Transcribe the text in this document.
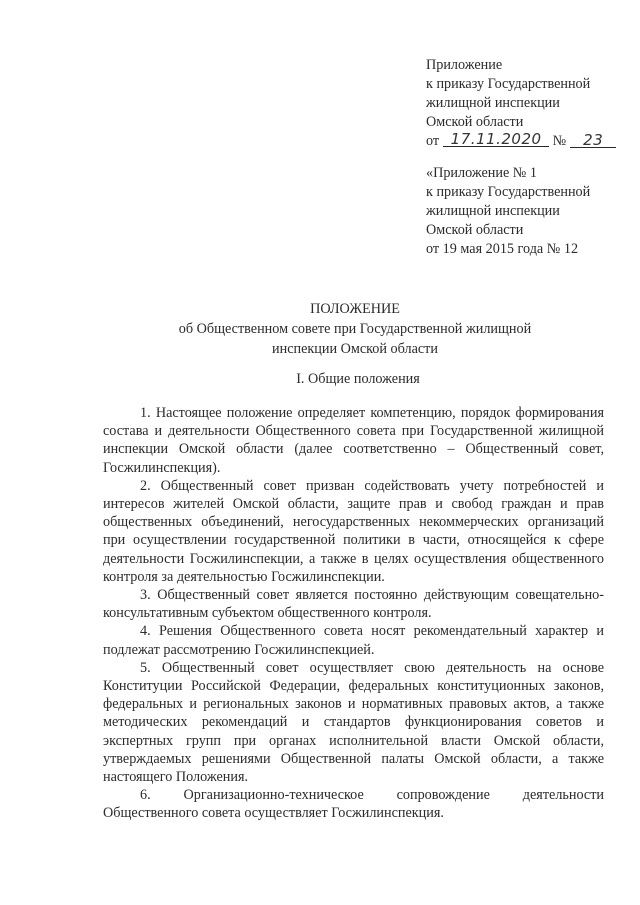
Приложение
к приказу Государственной
жилищной инспекции
Омской области
от 17.11.2020 № 23
«Приложение № 1
к приказу Государственной
жилищной инспекции
Омской области
от 19 мая 2015 года № 12
ПОЛОЖЕНИЕ
об Общественном совете при Государственной жилищной
инспекции Омской области
I. Общие положения

1. Настоящее положение определяет компетенцию, порядок формирования состава и деятельности Общественного совета при Государственной жилищной инспекции Омской области (далее соответственно – Общественный совет, Госжилинспекция).

2. Общественный совет призван содействовать учету потребностей и интересов жителей Омской области, защите прав и свобод граждан и прав общественных объединений, негосударственных некоммерческих организаций при осуществлении государственной политики в части, относящейся к сфере деятельности Госжилинспекции, а также в целях осуществления общественного контроля за деятельностью Госжилинспекции.

3. Общественный совет является постоянно действующим совещательно-консультативным субъектом общественного контроля.

4. Решения Общественного совета носят рекомендательный характер и подлежат рассмотрению Госжилинспекцией.

5. Общественный совет осуществляет свою деятельность на основе Конституции Российской Федерации, федеральных конституционных законов, федеральных и региональных законов и нормативных правовых актов, а также методических рекомендаций и стандартов функционирования советов и экспертных групп при органах исполнительной власти Омской области, утверждаемых решениями Общественной палаты Омской области, а также настоящего Положения.

6. Организационно-техническое сопровождение деятельности Общественного совета осуществляет Госжилинспекция.
